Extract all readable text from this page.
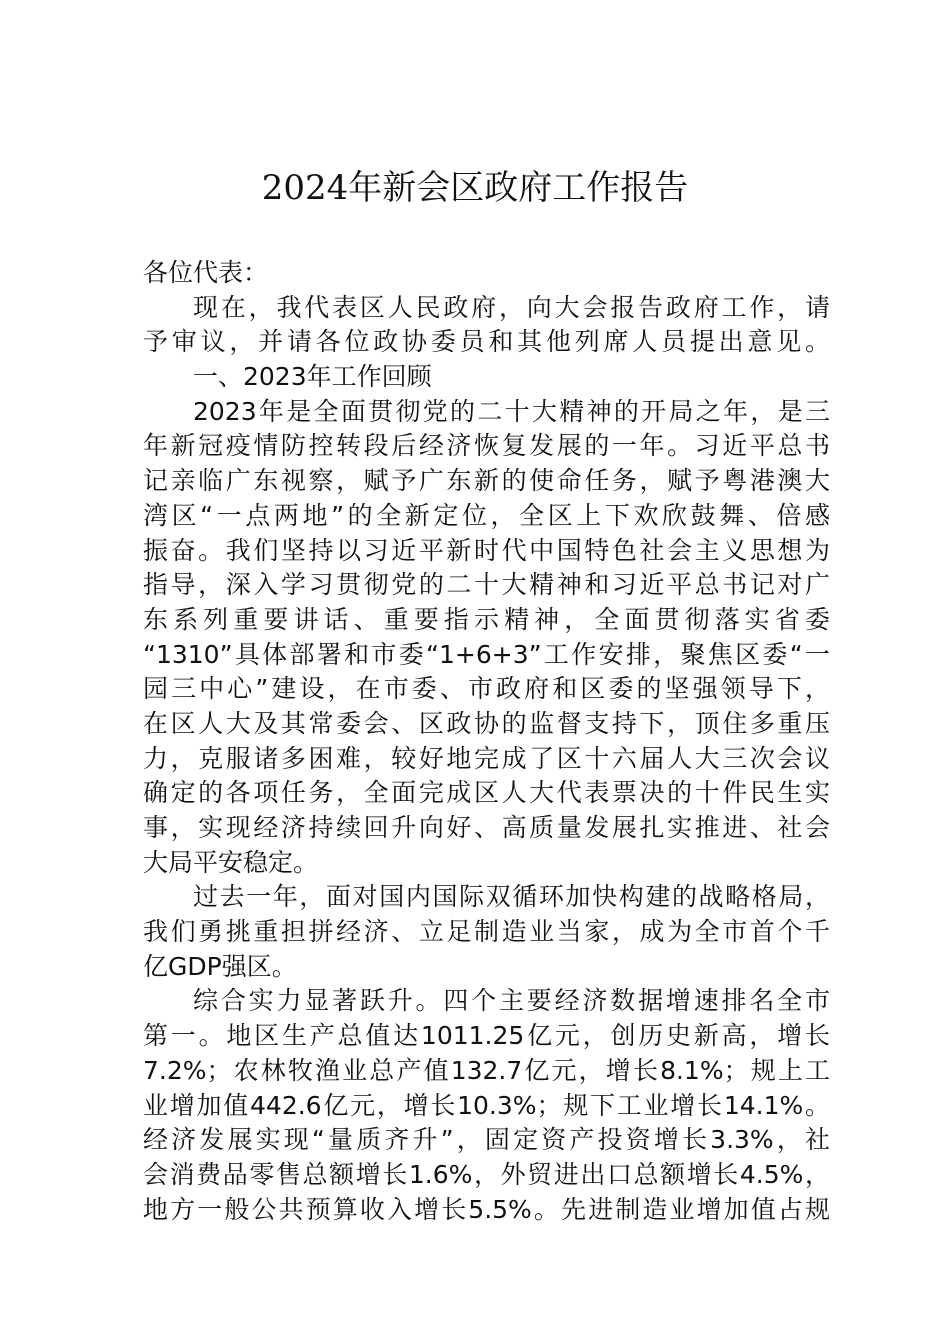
2024年新会区政府工作报告
各位代表：
现在，我代表区人民政府，向大会报告政府工作，请
予审议，并请各位政协委员和其他列席人员提出意见。
一、2023年工作回顾
2023年是全面贯彻党的二十大精神的开局之年，是三
年新冠疫情防控转段后经济恢复发展的一年。习近平总书
记亲临广东视察，赋予广东新的使命任务，赋予粤港澳大
湾区“一点两地”的全新定位，全区上下欢欣鼓舞、倍感
振奋。我们坚持以习近平新时代中国特色社会主义思想为
指导，深入学习贯彻党的二十大精神和习近平总书记对广
东系列重要讲话、重要指示精神，全面贯彻落实省委
“1310”具体部署和市委“1+6+3”工作安排，聚焦区委“一
园三中心”建设，在市委、市政府和区委的坚强领导下，
在区人大及其常委会、区政协的监督支持下，顶住多重压
力，克服诸多困难，较好地完成了区十六届人大三次会议
确定的各项任务，全面完成区人大代表票决的十件民生实
事，实现经济持续回升向好、高质量发展扎实推进、社会
大局平安稳定。
过去一年，面对国内国际双循环加快构建的战略格局，
我们勇挑重担拼经济、立足制造业当家，成为全市首个千
亿GDP强区。
综合实力显著跃升。四个主要经济数据增速排名全市
第一。地区生产总值达1011.25亿元，创历史新高，增长
7.2%；农林牧渔业总产值132.7亿元，增长8.1%；规上工
业增加值442.6亿元，增长10.3%；规下工业增长14.1%。
经济发展实现“量质齐升”，固定资产投资增长3.3%，社
会消费品零售总额增长1.6%，外贸进出口总额增长4.5%，
地方一般公共预算收入增长5.5%。先进制造业增加值占规
